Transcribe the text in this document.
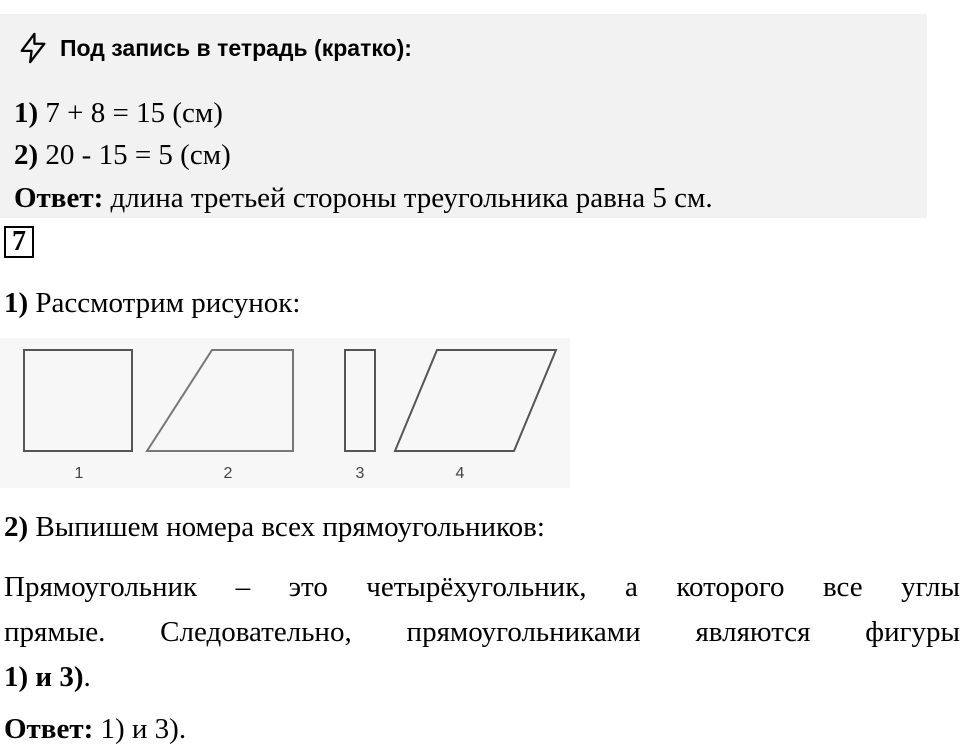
Под запись в тетрадь (кратко):
1) 7 + 8 = 15 (см)
2) 20 - 15 = 5 (см)
Ответ: длина третьей стороны треугольника равна 5 см.
7
1) Рассмотрим рисунок:
1	2	3	4
2) Выпишем номера всех прямоугольников:
Прямоугольник – это четырёхугольник, а которого все углы
прямые. Следовательно, прямоугольниками являются фигуры
1) и 3).
Ответ: 1) и 3).
